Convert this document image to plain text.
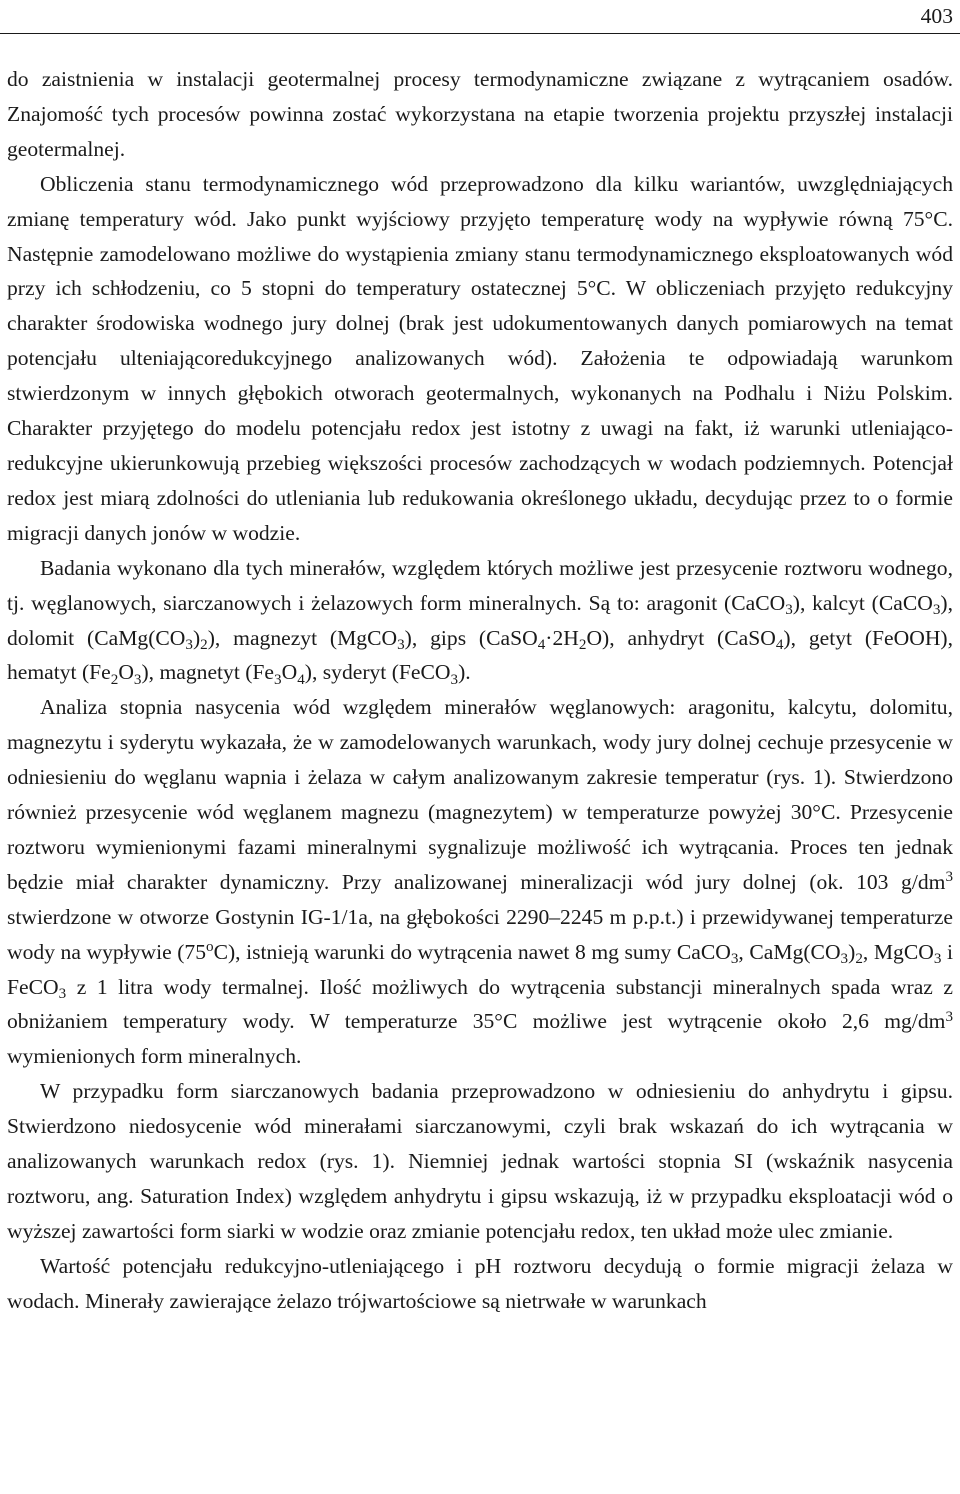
403

do zaistnienia w instalacji geotermalnej procesy termodynamiczne związane z wytrącaniem osadów. Znajomość tych procesów powinna zostać wykorzystana na etapie tworzenia projektu przyszłej instalacji geotermalnej.

Obliczenia stanu termodynamicznego wód przeprowadzono dla kilku wariantów, uwzględniających zmianę temperatury wód. Jako punkt wyjściowy przyjęto temperaturę wody na wypływie równą 75°C. Następnie zamodelowano możliwe do wystąpienia zmiany stanu termodynamicznego eksploatowanych wód przy ich schłodzeniu, co 5 stopni do temperatury ostatecznej 5°C. W obliczeniach przyjęto redukcyjny charakter środowiska wodnego jury dolnej (brak jest udokumentowanych danych pomiarowych na temat potencjału ulteniającoredukcyjnego analizowanych wód). Założenia te odpowiadają warunkom stwierdzonym w innych głębokich otworach geotermalnych, wykonanych na Podhalu i Niżu Polskim. Charakter przyjętego do modelu potencjału redox jest istotny z uwagi na fakt, iż warunki utleniająco-redukcyjne ukierunkowują przebieg większości procesów zachodzących w wodach podziemnych. Potencjał redox jest miarą zdolności do utleniania lub redukowania określonego układu, decydując przez to o formie migracji danych jonów w wodzie.

Badania wykonano dla tych minerałów, względem których możliwe jest przesycenie roztworu wodnego, tj. węglanowych, siarczanowych i żelazowych form mineralnych. Są to: aragonit (CaCO$_3$), kalcyt (CaCO$_3$), dolomit $(CaMg(CO_3)_2)$, magnezyt (MgCO$_3$), gips $(CaSO_4\cdot 2H_2O)$, anhydryt (CaSO$_4$), getyt (FeOOH), hematyt $(Fe_2O_3)$, magnetyt $(Fe_3O_4)$, syderyt (FeCO$_3$).

Analiza stopnia nasycenia wód względem minerałów węglanowych: aragonitu, kalcytu, dolomitu, magnezytu i syderytu wykazała, że w zamodelowanych warunkach, wody jury dolnej cechuje przesycenie w odniesieniu do węglanu wapnia i żelaza w całym analizowanym zakresie temperatur (rys. 1). Stwierdzono również przesycenie wód węglanem magnezu (magnezytem) w temperaturze powyżej 30°C. Przesycenie roztworu wymienionymi fazami mineralnymi sygnalizuje możliwość ich wytrącania. Proces ten jednak będzie miał charakter dynamiczny. Przy analizowanej mineralizacji wód jury dolnej (ok. 103 $g/dm^3$ stwierdzone w otworze Gostynin IG-1/1a, na głębokości 2290–2245 m p.p.t.) i przewidywanej temperaturze wody na wypływie (75$^o$C), istnieją warunki do wytrącenia nawet 8 mg sumy CaCO$_3$, $CaMg(CO_3)_2$, MgCO$_3$ i FeCO$_3$ z 1 litra wody termalnej. Ilość możliwych do wytrącenia substancji mineralnych spada wraz z obniżaniem temperatury wody. W temperaturze 35°C możliwe jest wytrącenie około 2,6 $mg/dm^3$ wymienionych form mineralnych.

W przypadku form siarczanowych badania przeprowadzono w odniesieniu do anhydrytu i gipsu. Stwierdzono niedosycenie wód minerałami siarczanowymi, czyli brak wskazań do ich wytrącania w analizowanych warunkach redox (rys. 1). Niemniej jednak wartości stopnia SI (wskaźnik nasycenia roztworu, ang. Saturation Index) względem anhydrytu i gipsu wskazują, iż w przypadku eksploatacji wód o wyższej zawartości form siarki w wodzie oraz zmianie potencjału redox, ten układ może ulec zmianie.

Wartość potencjału redukcyjno-utleniającego i pH roztworu decydują o formie migracji żelaza w wodach. Minerały zawierające żelazo trójwartościowe są nietrwałe w warunkach
